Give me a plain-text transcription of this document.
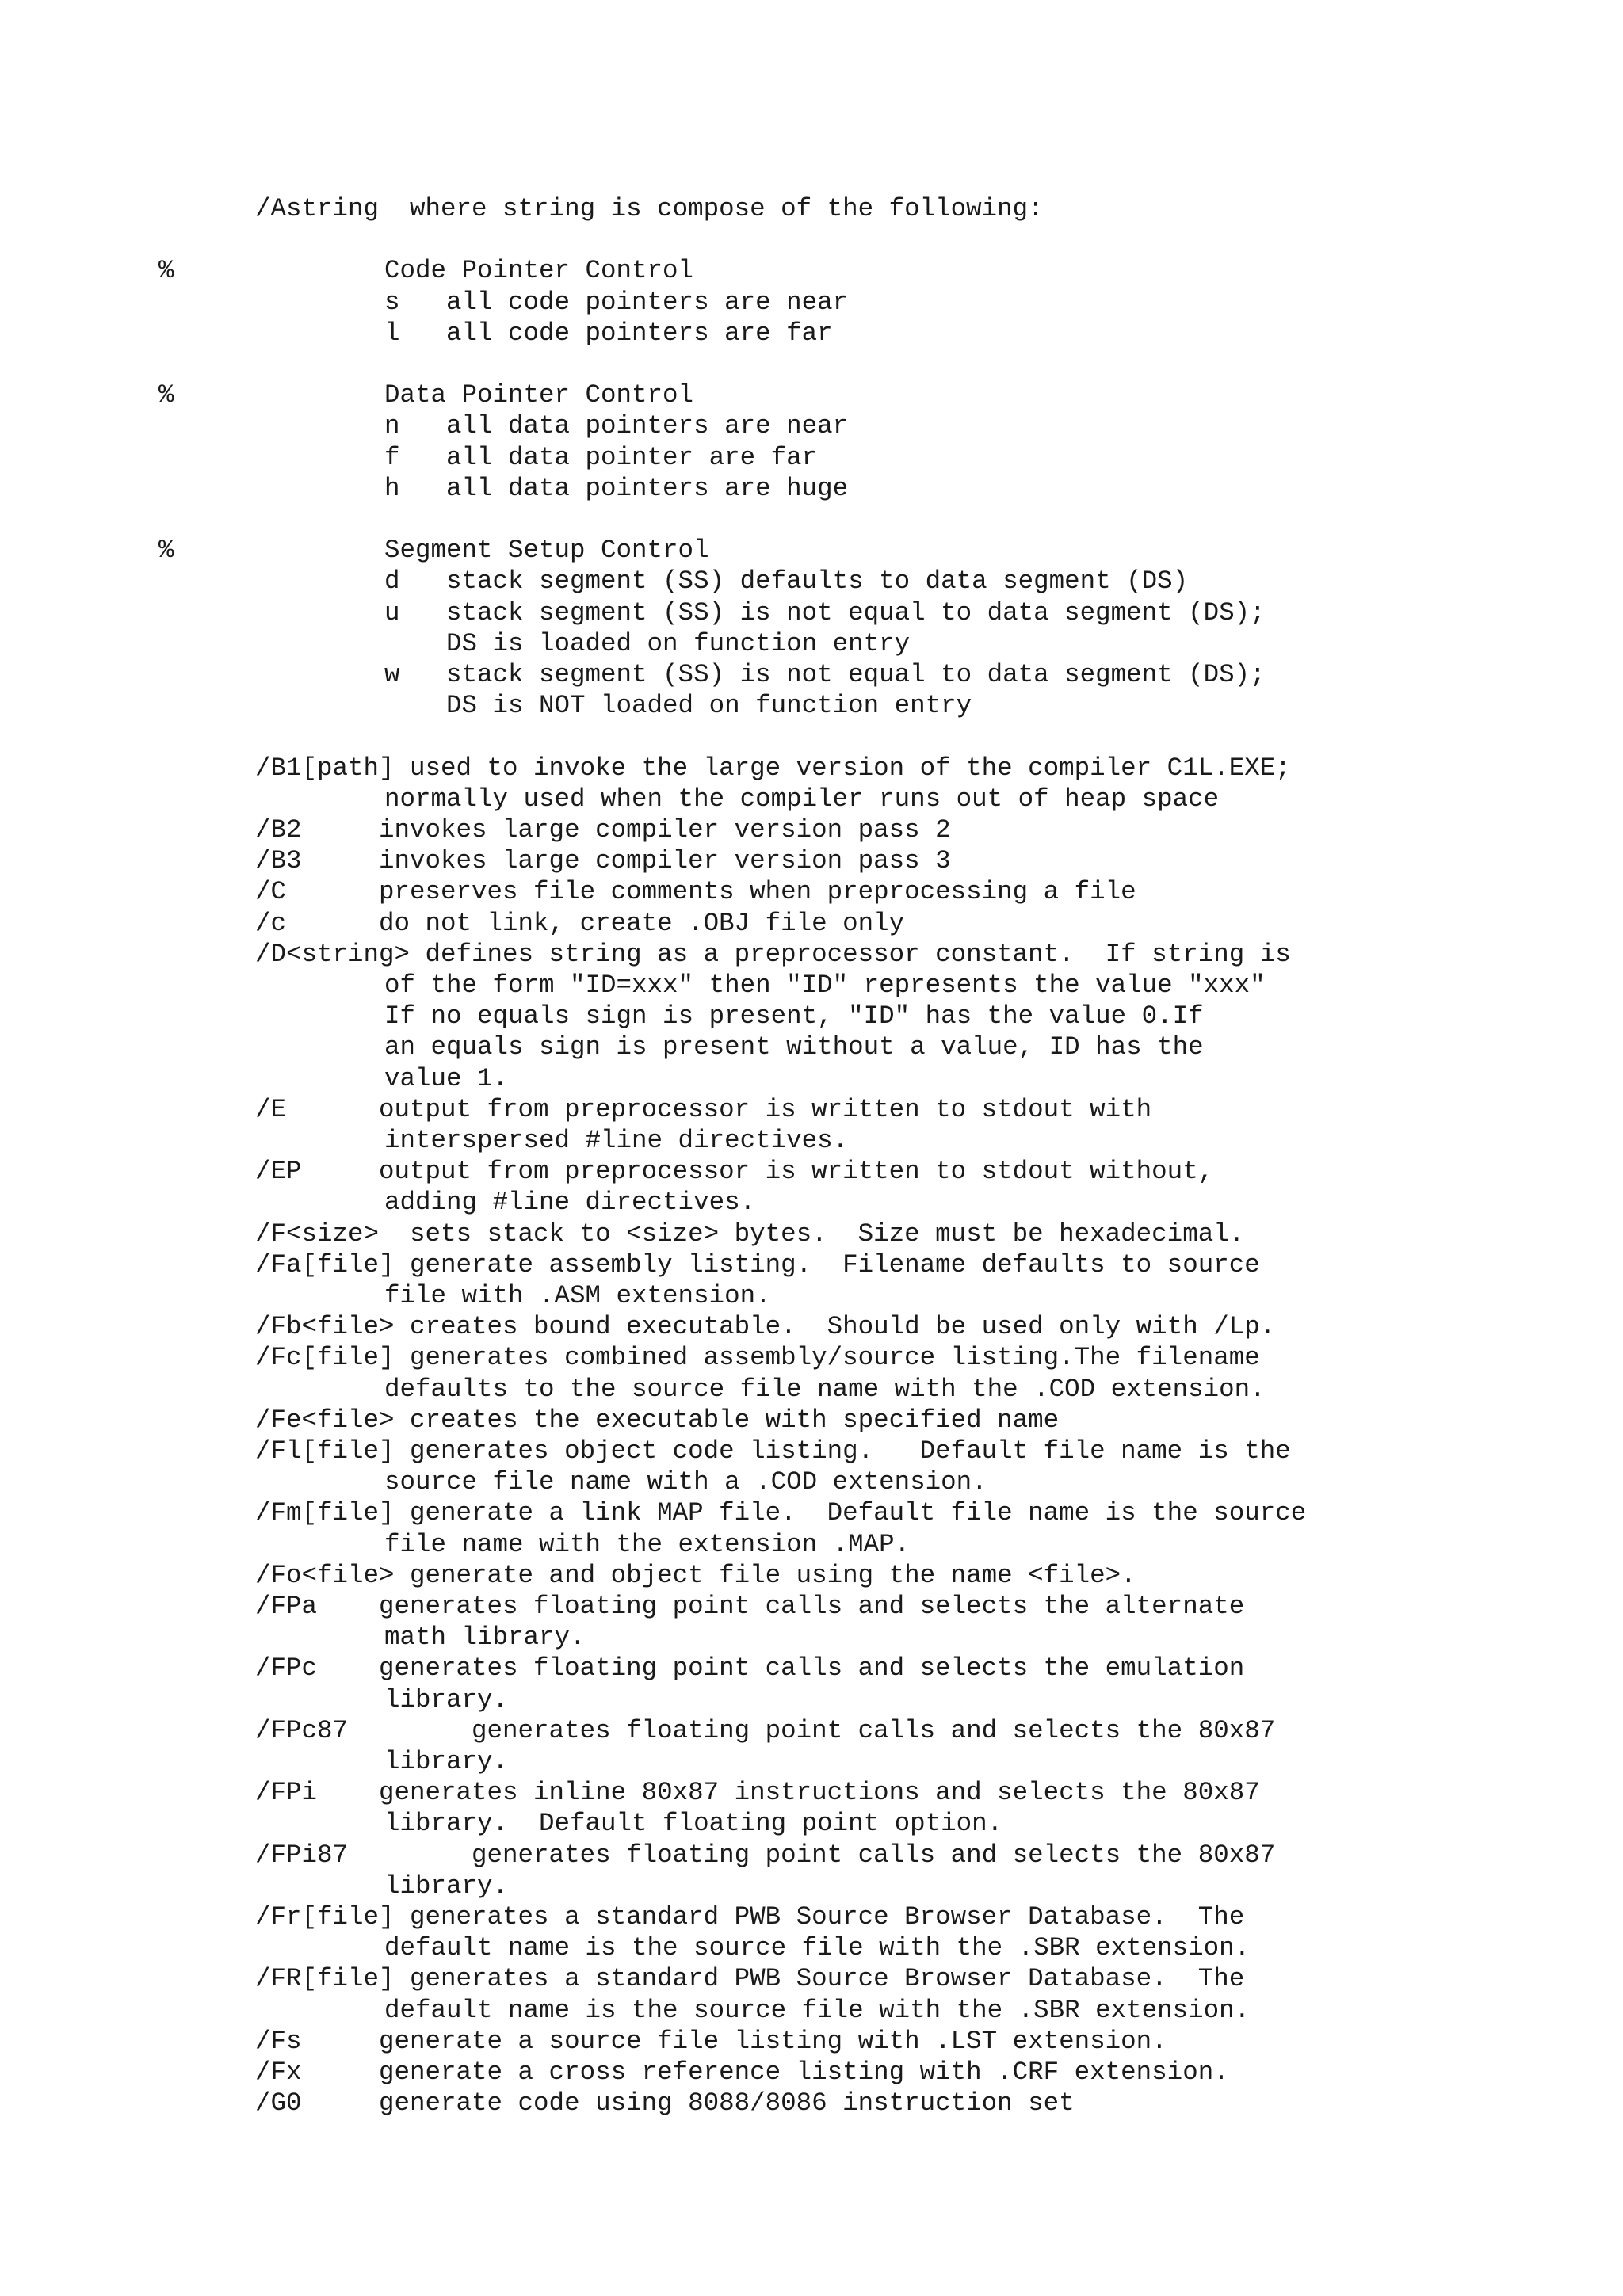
/Astring  where string is compose of the following:
%	Code Pointer Control
s   all code pointers are near
l   all code pointers are far
%	Data Pointer Control
n   all data pointers are near
f   all data pointer are far
h   all data pointers are huge
%	Segment Setup Control
d   stack segment (SS) defaults to data segment (DS)
u   stack segment (SS) is not equal to data segment (DS);
DS is loaded on function entry
w   stack segment (SS) is not equal to data segment (DS);
DS is NOT loaded on function entry
/B1[path] used to invoke the large version of the compiler C1L.EXE;
normally used when the compiler runs out of heap space
/B2     invokes large compiler version pass 2
/B3     invokes large compiler version pass 3
/C      preserves file comments when preprocessing a file
/c      do not link, create .OBJ file only
/D<string> defines string as a preprocessor constant.  If string is
of the form "ID=xxx" then "ID" represents the value "xxx"
If no equals sign is present, "ID" has the value 0.If
an equals sign is present without a value, ID has the
value 1.
/E      output from preprocessor is written to stdout with
interspersed #line directives.
/EP     output from preprocessor is written to stdout without,
adding #line directives.
/F<size>  sets stack to <size> bytes.  Size must be hexadecimal.
/Fa[file] generate assembly listing.  Filename defaults to source
file with .ASM extension.
/Fb<file> creates bound executable.  Should be used only with /Lp.
/Fc[file] generates combined assembly/source listing.The filename
defaults to the source file name with the .COD extension.
/Fe<file> creates the executable with specified name
/Fl[file] generates object code listing.   Default file name is the
source file name with a .COD extension.
/Fm[file] generate a link MAP file.  Default file name is the source
file name with the extension .MAP.
/Fo<file> generate and object file using the name <file>.
/FPa    generates floating point calls and selects the alternate
math library.
/FPc    generates floating point calls and selects the emulation
library.
/FPc87        generates floating point calls and selects the 80x87
library.
/FPi    generates inline 80x87 instructions and selects the 80x87
library.  Default floating point option.
/FPi87        generates floating point calls and selects the 80x87
library.
/Fr[file] generates a standard PWB Source Browser Database.  The
default name is the source file with the .SBR extension.
/FR[file] generates a standard PWB Source Browser Database.  The
default name is the source file with the .SBR extension.
/Fs     generate a source file listing with .LST extension.
/Fx     generate a cross reference listing with .CRF extension.
/G0     generate code using 8088/8086 instruction set
